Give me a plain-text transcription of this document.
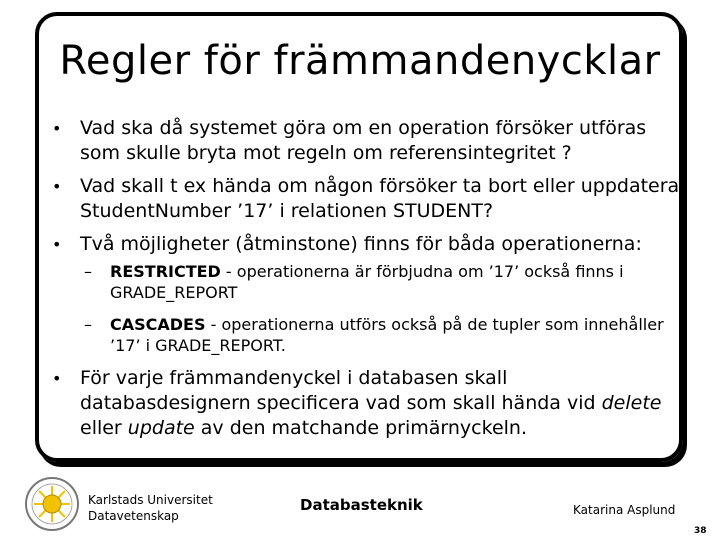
Regler för främmandenycklar
• Vad ska då systemet göra om en operation försöker utföras som skulle bryta mot regeln om referensintegritet ?
• Vad skall t ex hända om någon försöker ta bort eller uppdatera StudentNumber ’17’ i relationen STUDENT?
• Två möjligheter (åtminstone) finns för båda operationerna:
– RESTRICTED - operationerna är förbjudna om ’17’ också finns i GRADE_REPORT
– CASCADES - operationerna utförs också på de tupler som innehåller ’17’ i GRADE_REPORT.
• För varje främmandenyckel i databasen skall databasdesignern specificera vad som skall hända vid delete eller update av den matchande primärnyckeln.
Karlstads Universitet
Datavetenskap
Databasteknik	Katarina Asplund
38
